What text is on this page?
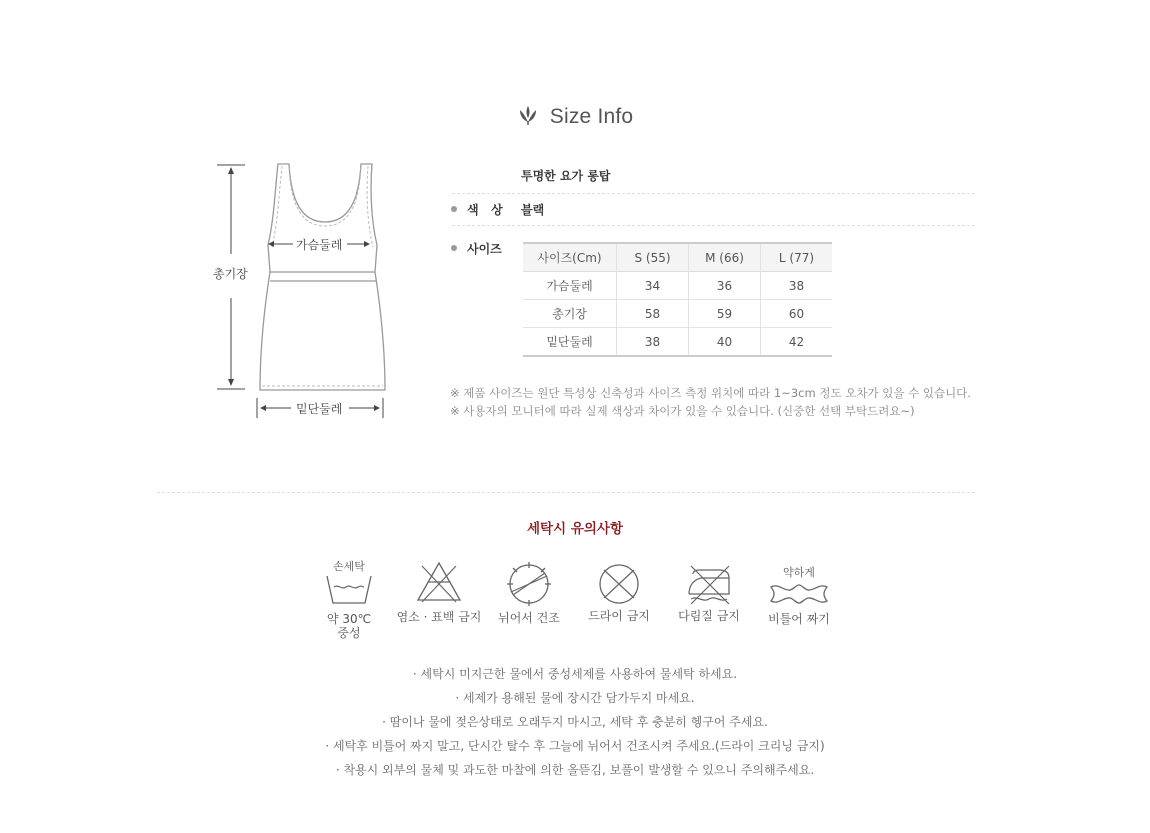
Size Info
총기장
가슴둘레
밑단둘레
투명한 요가 롱탑
색   상 블랙
사이즈
사이즈(Cm)	S (55)	M (66)	L (77)
가슴둘레	34	36	38
총기장	58	59	60
밑단둘레	38	40	42
※ 제품 사이즈는 원단 특성상 신축성과 사이즈 측정 위치에 따라 1~3cm 정도 오차가 있을 수 있습니다.
※ 사용자의 모니터에 따라 실제 색상과 차이가 있을 수 있습니다. (신중한 선택 부탁드려요~)
세탁시 유의사항
손세탁
약 30℃
중성
염소 · 표백 금지	뉘어서 건조	드라이 금지	다림질 금지
약하게
비틀어 짜기
· 세탁시 미지근한 물에서 중성세제를 사용하여 물세탁 하세요.
· 세제가 용해된 물에 장시간 담가두지 마세요.
· 땀이나 물에 젖은상태로 오래두지 마시고, 세탁 후 충분히 헹구어 주세요.
· 세탁후 비틀어 짜지 말고, 단시간 탈수 후 그늘에 뉘어서 건조시켜 주세요.(드라이 크리닝 금지)
· 착용시 외부의 물체 및 과도한 마찰에 의한 올뜯김, 보풀이 발생할 수 있으니 주의해주세요.
